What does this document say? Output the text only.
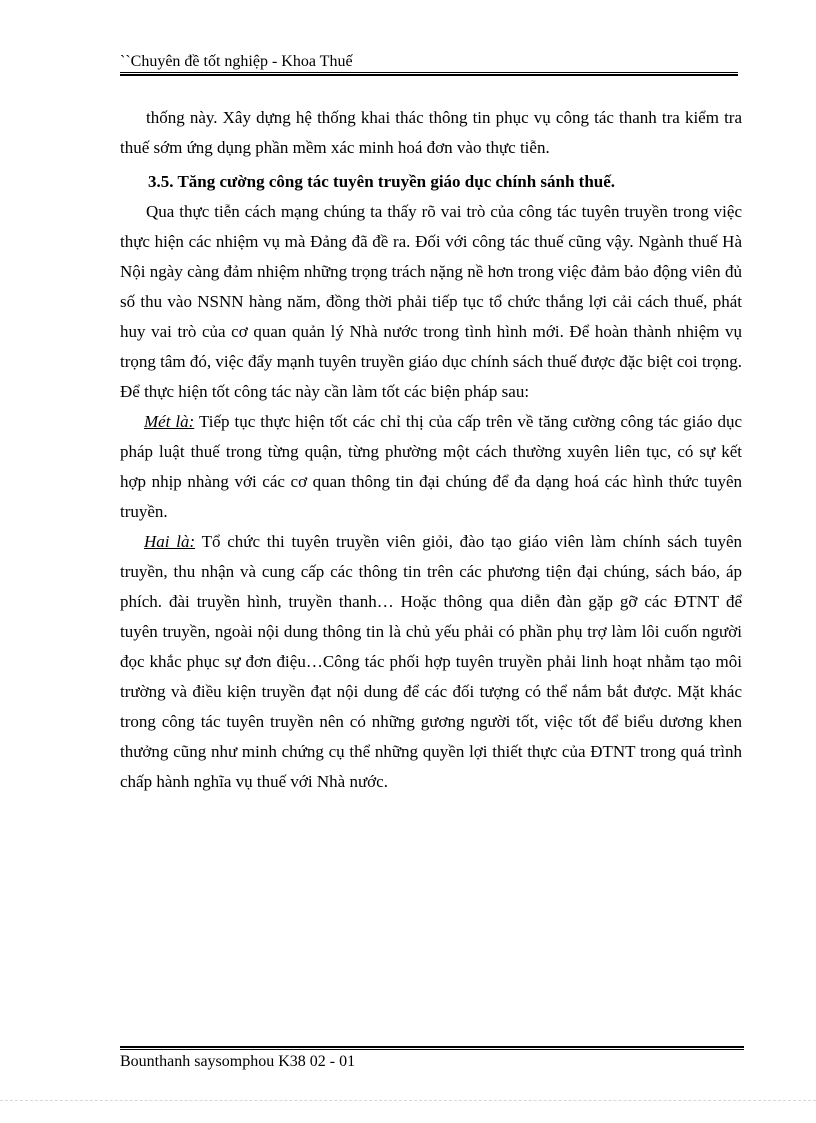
``Chuyên đề tốt nghiệp - Khoa Thuế

thống này. Xây dựng hệ thống khai thác thông tin phục vụ công tác thanh tra kiểm tra thuế sớm ứng dụng phần mềm xác minh hoá đơn vào thực tiễn.

3.5. Tăng cường công tác tuyên truyền giáo dục chính sánh thuế.

Qua thực tiễn cách mạng chúng ta thấy rõ vai trò của công tác tuyên truyền trong việc thực hiện các nhiệm vụ mà Đảng đã đề ra. Đối với công tác thuế cũng vậy. Ngành thuế Hà Nội ngày càng đảm nhiệm những trọng trách nặng nề hơn trong việc đảm bảo động viên đủ số thu vào NSNN hàng năm, đồng thời phải tiếp tục tổ chức thắng lợi cải cách thuế, phát huy vai trò của cơ quan quản lý Nhà nước trong tình hình mới. Để hoàn thành nhiệm vụ trọng tâm đó, việc đẩy mạnh tuyên truyền giáo dục chính sách thuế được đặc biệt coi trọng. Để thực hiện tốt công tác này cần làm tốt các biện pháp sau:

Mét là: Tiếp tục thực hiện tốt các chỉ thị của cấp trên về tăng cường công tác giáo dục pháp luật thuế trong từng quận, từng phường một cách thường xuyên liên tục, có sự kết hợp nhịp nhàng với các cơ quan thông tin đại chúng để đa dạng hoá các hình thức tuyên truyền.

Hai là: Tổ chức thi tuyên truyền viên giỏi, đào tạo giáo viên làm chính sách tuyên truyền, thu nhận và cung cấp các thông tin trên các phương tiện đại chúng, sách báo, áp phích. đài truyền hình, truyền thanh… Hoặc thông qua diễn đàn gặp gỡ các ĐTNT để tuyên truyền, ngoài nội dung thông tin là chủ yếu phải có phần phụ trợ làm lôi cuốn người đọc khắc phục sự đơn điệu…Công tác phối hợp tuyên truyền phải linh hoạt nhằm tạo môi trường và điều kiện truyền đạt nội dung để các đối tượng có thể nắm bắt được. Mặt khác trong công tác tuyên truyền nên có những gương người tốt, việc tốt để biểu dương khen thưởng cũng như minh chứng cụ thể những quyền lợi thiết thực của ĐTNT trong quá trình chấp hành nghĩa vụ thuế với Nhà nước.

Bounthanh saysomphou K38 02 - 01
